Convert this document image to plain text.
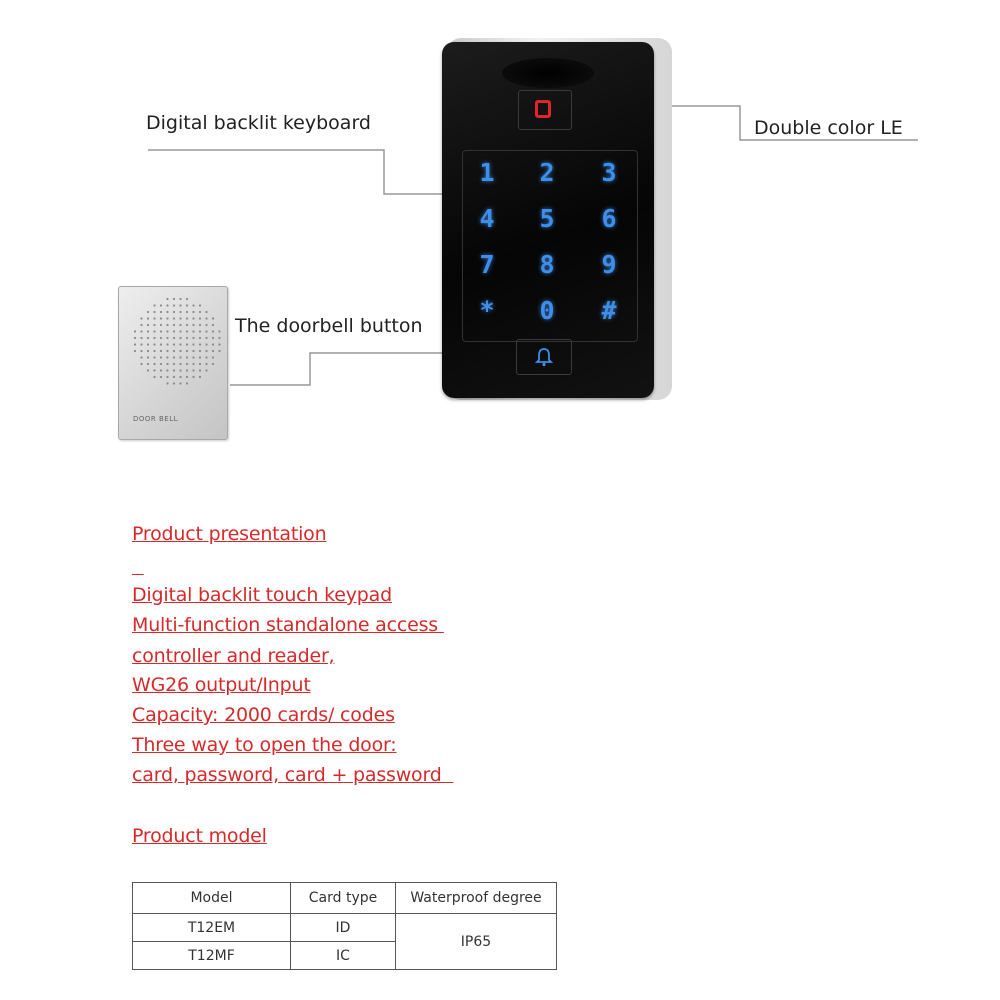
Digital backlit keyboard	Double color LE
The doorbell button
1	2	3
4	5	6
7	8	9
*	0	#
DOOR BELL
Product presentation

Digital backlit touch keypad
Multi-function standalone access
controller and reader,
WG26 output/Input
Capacity: 2000 cards/ codes
Three way to open the door:
card, password, card + password
Product model
Model	Card type	Waterproof degree
T12EM	ID	IP65
T12MF	IC	
